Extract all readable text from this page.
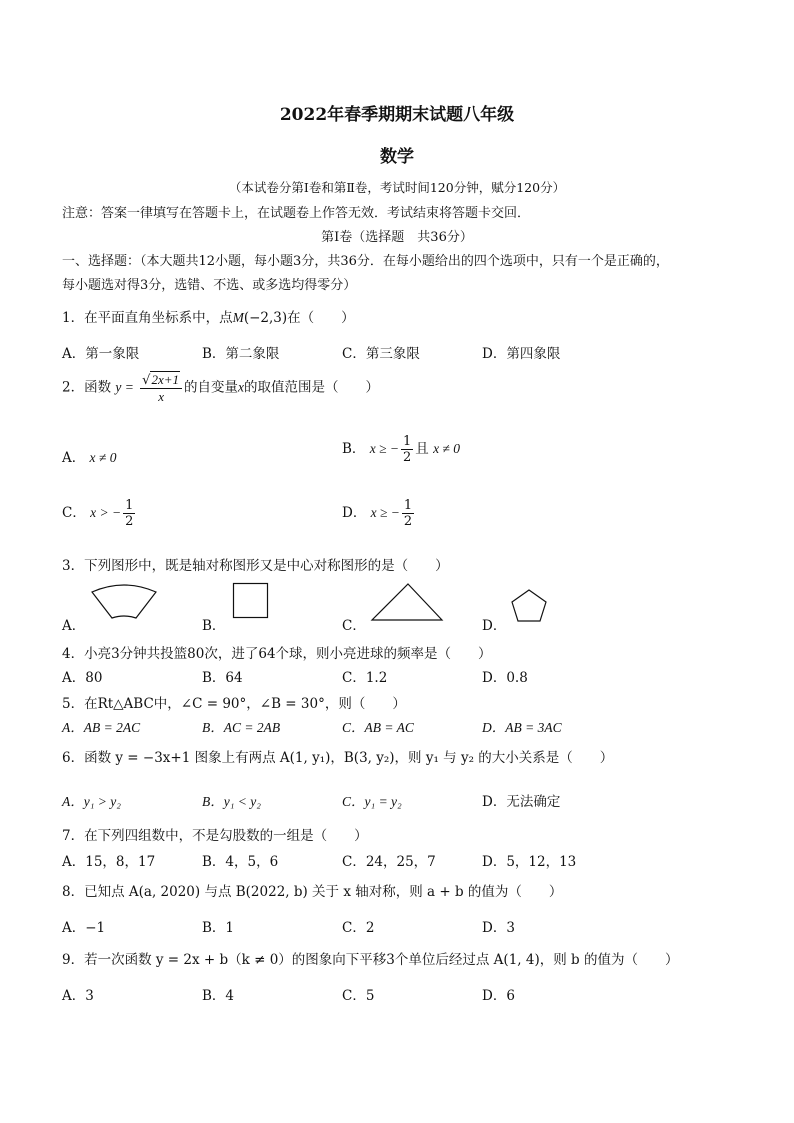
2022年春季期期末试题八年级
数学
（本试卷分第Ⅰ卷和第Ⅱ卷，考试时间120分钟，赋分120分）
注意：答案一律填写在答题卡上，在试题卷上作答无效．考试结束将答题卡交回．
第Ⅰ卷（选择题　共36分）
一、选择题：（本大题共12小题，每小题3分，共36分．在每小题给出的四个选项中，只有一个是正确的，
每小题选对得3分，选错、不选、或多选均得零分）
1．在平面直角坐标系中，点M(−2,3)在（　　）
A．第一象限	B．第二象限	C．第三象限	D．第四象限
2．函数 $y = \frac{√2x+1}{x}$ 的自变量x的取值范围是（　　）
A． x ≠ 0
B． x ≥ − $\frac{1}{2}$ 且 x ≠ 0
C． x > − $\frac{1}{2}$	D． x ≥ − $\frac{1}{2}$
3．下列图形中，既是轴对称图形又是中心对称图形的是（　　）
A．	B．	C．	D．
4．小亮3分钟共投篮80次，进了64个球，则小亮进球的频率是（　　）
A．80	B．64	C．1.2	D．0.8
5．在Rt△ABC中，∠C = 90°，∠B = 30°，则（　　）
A．AB = 2AC	B．AC = 2AB	C．AB = AC	D．AB = 3AC
6．函数 y = −3x+1 图象上有两点 A(1, y₁)，B(3, y₂)，则 y₁ 与 y₂ 的大小关系是（　　）
A．y₁ > y₂	B．y₁ < y₂	C．y₁ = y₂	D．无法确定
7．在下列四组数中，不是勾股数的一组是（　　）
A．15，8，17	B．4，5，6	C．24，25，7	D．5，12，13
8．已知点 A(a, 2020) 与点 B(2022, b) 关于 x 轴对称，则 a + b 的值为（　　）
A．−1	B．1	C．2	D．3
9．若一次函数 y = 2x + b（k ≠ 0）的图象向下平移3个单位后经过点 A(1, 4)，则 b 的值为（　　）
A．3	B．4	C．5	D．6
